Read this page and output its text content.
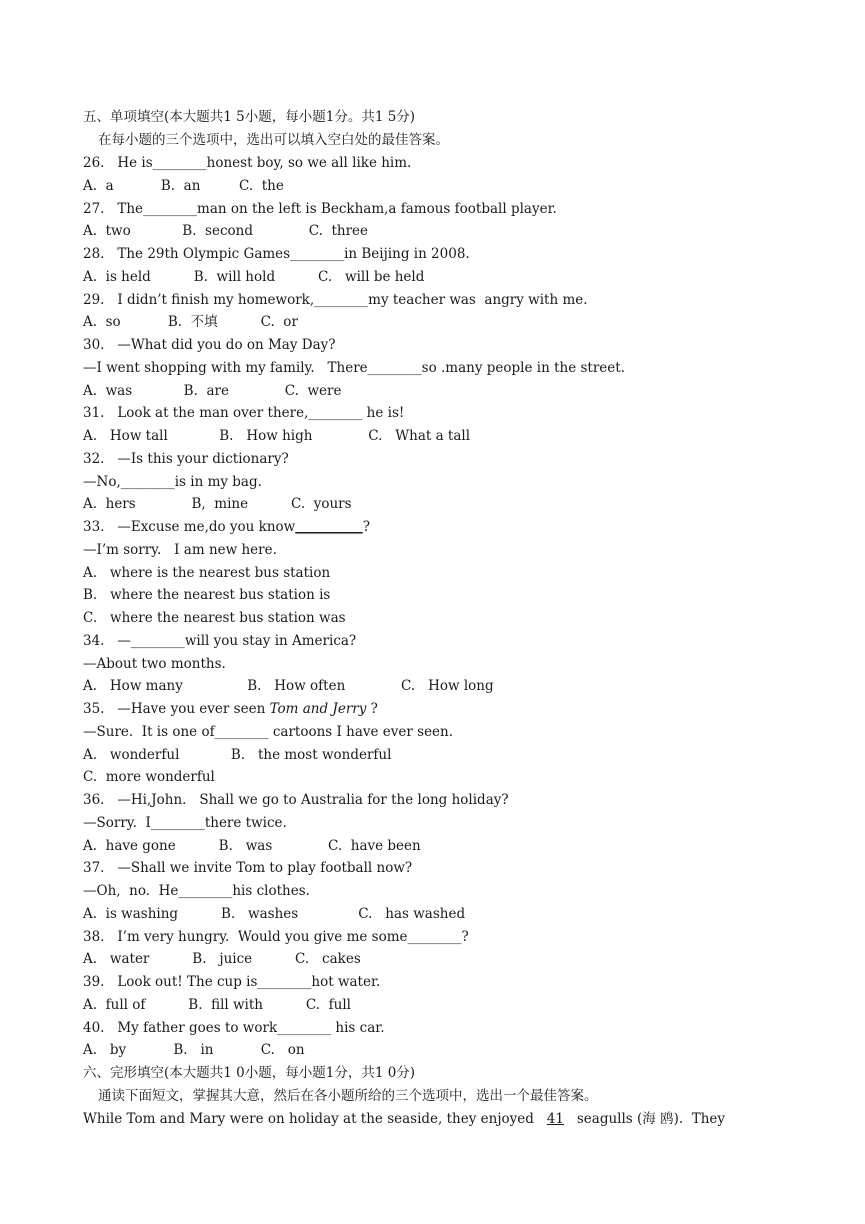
五、单项填空(本大题共1 5小题，每小题1分。共1 5分)
在每小题的三个选项中，选出可以填入空白处的最佳答案。
26.   He is________honest boy, so we all like him.
A.  a           B.  an         C.  the
27.   The________man on the left is Beckham,a famous football player.
A.  two            B.  second             C.  three
28.   The 29th Olympic Games________in Beijing in 2008.
A.  is held          B.  will hold          C.   will be held
29.   I didn’t finish my homework,________my teacher was  angry with me.
A.  so           B.  不填          C.  or
30.   —What did you do on May Day?
—I went shopping with my family.   There________so .many people in the street.
A.  was            B.  are             C.  were
31.   Look at the man over there,________ he is!
A.   How tall            B.   How high             C.   What a tall
32.   —Is this your dictionary?
—No,________is in my bag.
A.  hers             B,  mine          C.  yours
33.   —Excuse me,do you know__________?
—I’m sorry.   I am new here.
A.   where is the nearest bus station
B.   where the nearest bus station is
C.   where the nearest bus station was
34.   —________will you stay in America?
—About two months.
A.   How many               B.   How often             C.   How long
35.   —Have you ever seen Tom and Jerry ?
—Sure.  It is one of________ cartoons I have ever seen.
A.   wonderful            B.   the most wonderful
C.  more wonderful
36.   —Hi,John.   Shall we go to Australia for the long holiday?
—Sorry.  I________there twice.
A.  have gone          B.   was             C.  have been
37.   —Shall we invite Tom to play football now?
—Oh,  no.  He________his clothes.
A.  is washing          B.   washes              C.   has washed
38.   I’m very hungry.  Would you give me some________?
A.   water          B.   juice          C.   cakes
39.   Look out! The cup is________hot water.
A.  full of          B.  fill with          C.  full
40.   My father goes to work________ his car.
A.   by           B.   in           C.   on
六、完形填空(本大题共1 0小题，每小题1分，共1 0分)
通读下面短文，掌握其大意，然后在各小题所给的三个选项中，选出一个最佳答案。
While Tom and Mary were on holiday at the seaside, they enjoyed   41   seagulls (海 鸥).  They
